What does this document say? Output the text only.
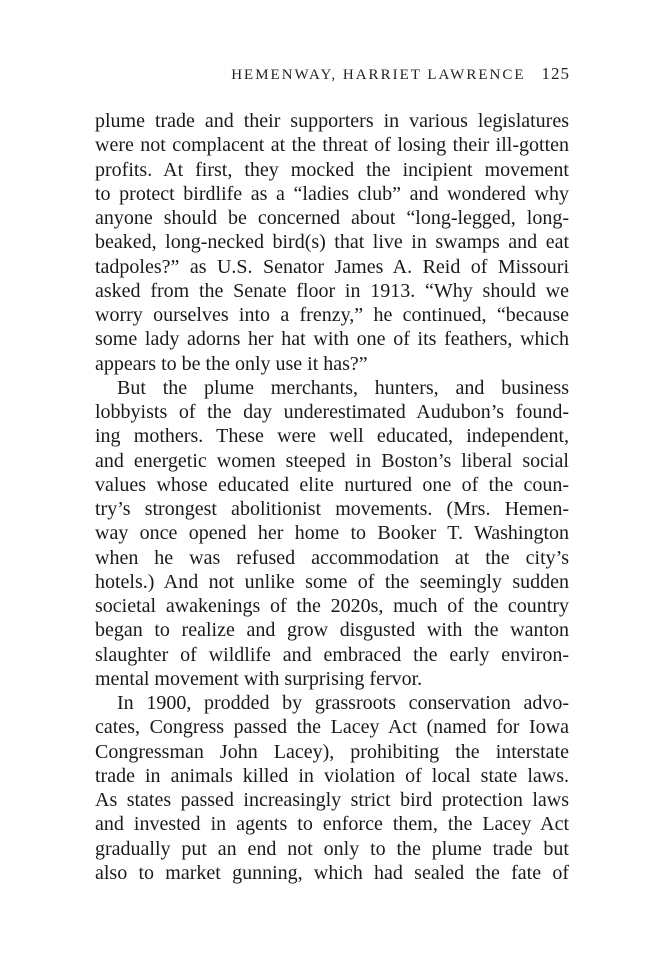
HEMENWAY, HARRIET LAWRENCE 125
plume trade and their supporters in various legislatures
were not complacent at the threat of losing their ill-gotten
profits. At first, they mocked the incipient movement
to protect birdlife as a “ladies club” and wondered why
anyone should be concerned about “long-legged, long-
beaked, long-necked bird(s) that live in swamps and eat
tadpoles?” as U.S. Senator James A. Reid of Missouri
asked from the Senate floor in 1913. “Why should we
worry ourselves into a frenzy,” he continued, “because
some lady adorns her hat with one of its feathers, which
appears to be the only use it has?”
But the plume merchants, hunters, and business
lobbyists of the day underestimated Audubon’s found-
ing mothers. These were well educated, independent,
and energetic women steeped in Boston’s liberal social
values whose educated elite nurtured one of the coun-
try’s strongest abolitionist movements. (Mrs. Hemen-
way once opened her home to Booker T. Washington
when he was refused accommodation at the city’s
hotels.) And not unlike some of the seemingly sudden
societal awakenings of the 2020s, much of the country
began to realize and grow disgusted with the wanton
slaughter of wildlife and embraced the early environ-
mental movement with surprising fervor.
In 1900, prodded by grassroots conservation advo-
cates, Congress passed the Lacey Act (named for Iowa
Congressman John Lacey), prohibiting the interstate
trade in animals killed in violation of local state laws.
As states passed increasingly strict bird protection laws
and invested in agents to enforce them, the Lacey Act
gradually put an end not only to the plume trade but
also to market gunning, which had sealed the fate of
